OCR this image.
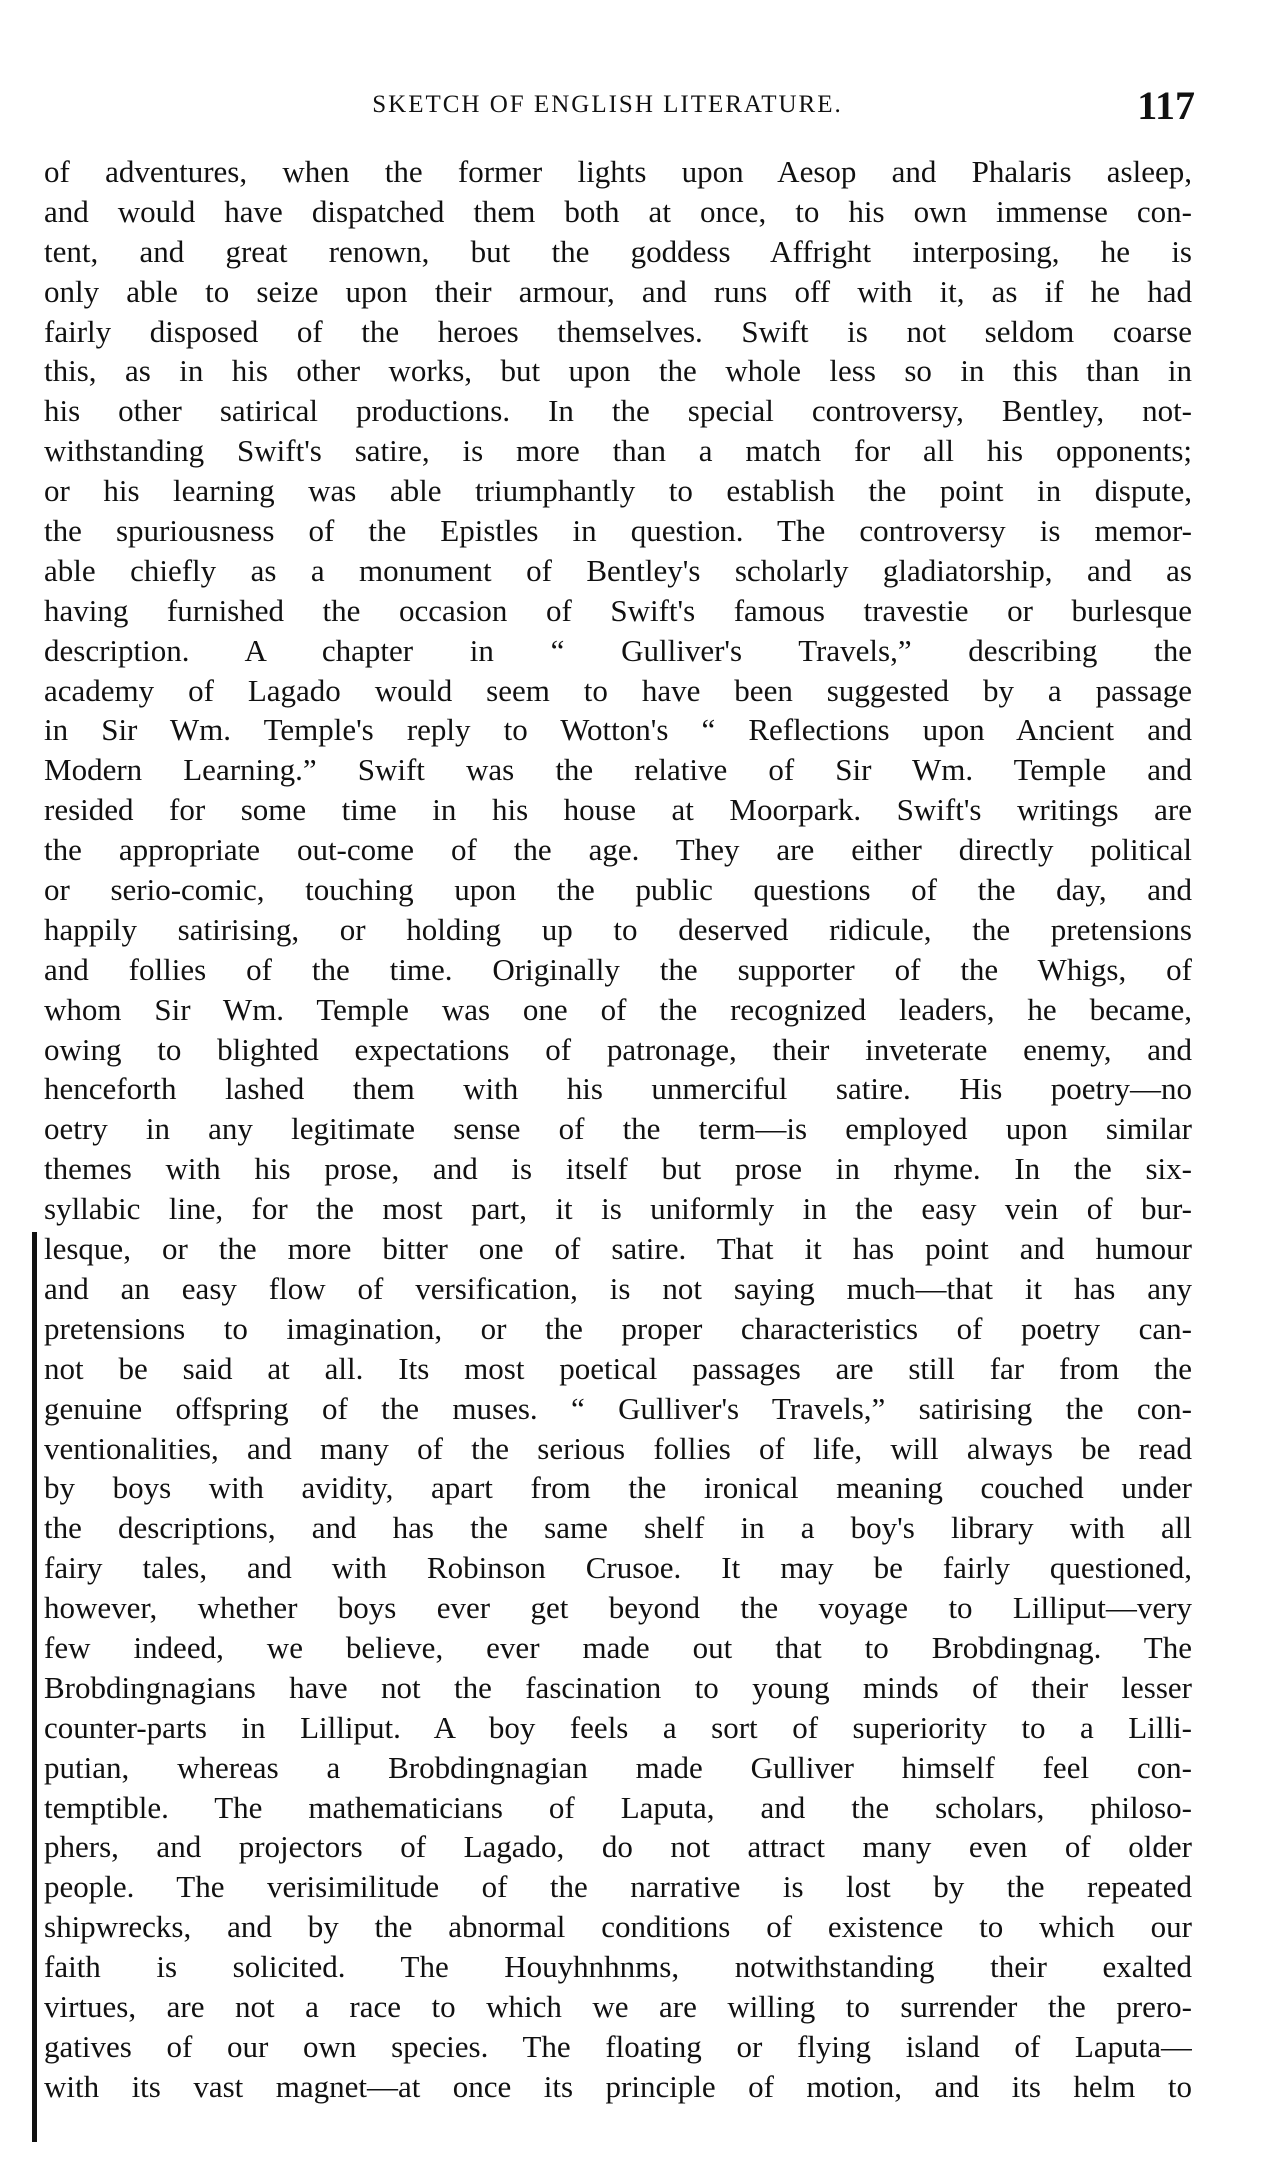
SKETCH OF ENGLISH LITERATURE.	117
of adventures, when the former lights upon Aesop and Phalaris asleep,
and would have dispatched them both at once, to his own immense con-
tent, and great renown, but the goddess Affright interposing, he is
only able to seize upon their armour, and runs off with it, as if he had
fairly disposed of the heroes themselves. Swift is not seldom coarse
this, as in his other works, but upon the whole less so in this than in
his other satirical productions. In the special controversy, Bentley, not-
withstanding Swift's satire, is more than a match for all his opponents;
or his learning was able triumphantly to establish the point in dispute,
the spuriousness of the Epistles in question. The controversy is memor-
able chiefly as a monument of Bentley's scholarly gladiatorship, and as
having furnished the occasion of Swift's famous travestie or burlesque
description. A chapter in “ Gulliver's Travels,” describing the
academy of Lagado would seem to have been suggested by a passage
in Sir Wm. Temple's reply to Wotton's “ Reflections upon Ancient and
Modern Learning.” Swift was the relative of Sir Wm. Temple and
resided for some time in his house at Moorpark. Swift's writings are
the appropriate out-come of the age. They are either directly political
or serio-comic, touching upon the public questions of the day, and
happily satirising, or holding up to deserved ridicule, the pretensions
and follies of the time. Originally the supporter of the Whigs, of
whom Sir Wm. Temple was one of the recognized leaders, he became,
owing to blighted expectations of patronage, their inveterate enemy, and
henceforth lashed them with his unmerciful satire. His poetry—no
oetry in any legitimate sense of the term—is employed upon similar
themes with his prose, and is itself but prose in rhyme. In the six-
syllabic line, for the most part, it is uniformly in the easy vein of bur-
lesque, or the more bitter one of satire. That it has point and humour
and an easy flow of versification, is not saying much—that it has any
pretensions to imagination, or the proper characteristics of poetry can-
not be said at all. Its most poetical passages are still far from the
genuine offspring of the muses. “ Gulliver's Travels,” satirising the con-
ventionalities, and many of the serious follies of life, will always be read
by boys with avidity, apart from the ironical meaning couched under
the descriptions, and has the same shelf in a boy's library with all
fairy tales, and with Robinson Crusoe. It may be fairly questioned,
however, whether boys ever get beyond the voyage to Lilliput—very
few indeed, we believe, ever made out that to Brobdingnag. The
Brobdingnagians have not the fascination to young minds of their lesser
counter-parts in Lilliput. A boy feels a sort of superiority to a Lilli-
putian, whereas a Brobdingnagian made Gulliver himself feel con-
temptible. The mathematicians of Laputa, and the scholars, philoso-
phers, and projectors of Lagado, do not attract many even of older
people. The verisimilitude of the narrative is lost by the repeated
shipwrecks, and by the abnormal conditions of existence to which our
faith is solicited. The Houyhnhnms, notwithstanding their exalted
virtues, are not a race to which we are willing to surrender the prero-
gatives of our own species. The floating or flying island of Laputa—
with its vast magnet—at once its principle of motion, and its helm to
